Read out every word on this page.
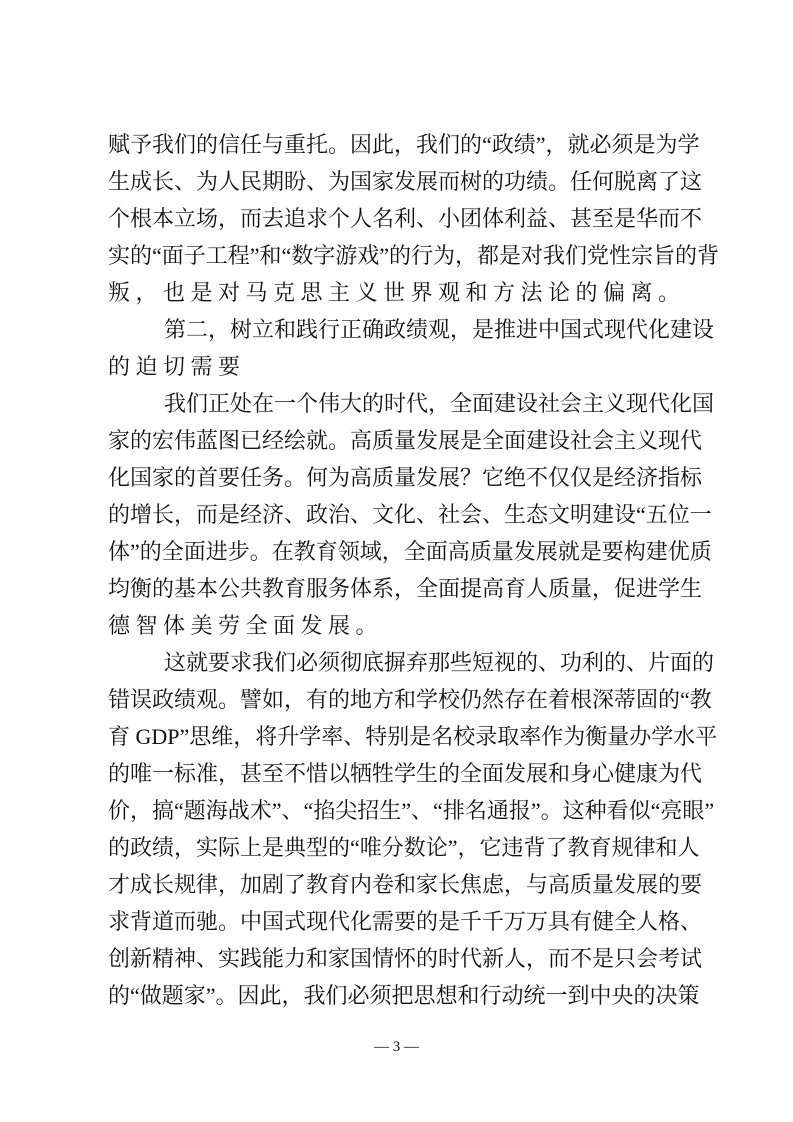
赋予我们的信任与重托。因此，我们的“政绩”，就必须是为学
生成长、为人民期盼、为国家发展而树的功绩。任何脱离了这
个根本立场，而去追求个人名利、小团体利益、甚至是华而不
实的“面子工程”和“数字游戏”的行为，都是对我们党性宗旨的背
叛，也是对马克思主义世界观和方法论的偏离。
第二，树立和践行正确政绩观，是推进中国式现代化建设
的迫切需要
我们正处在一个伟大的时代，全面建设社会主义现代化国
家的宏伟蓝图已经绘就。高质量发展是全面建设社会主义现代
化国家的首要任务。何为高质量发展？它绝不仅仅是经济指标
的增长，而是经济、政治、文化、社会、生态文明建设“五位一
体”的全面进步。在教育领域，全面高质量发展就是要构建优质
均衡的基本公共教育服务体系，全面提高育人质量，促进学生
德智体美劳全面发展。
这就要求我们必须彻底摒弃那些短视的、功利的、片面的
错误政绩观。譬如，有的地方和学校仍然存在着根深蒂固的“教
育 GDP”思维，将升学率、特别是名校录取率作为衡量办学水平
的唯一标准，甚至不惜以牺牲学生的全面发展和身心健康为代
价，搞“题海战术”、“掐尖招生”、“排名通报”。这种看似“亮眼”
的政绩，实际上是典型的“唯分数论”，它违背了教育规律和人
才成长规律，加剧了教育内卷和家长焦虑，与高质量发展的要
求背道而驰。中国式现代化需要的是千千万万具有健全人格、
创新精神、实践能力和家国情怀的时代新人，而不是只会考试
的“做题家”。因此，我们必须把思想和行动统一到中央的决策
— 3 —
